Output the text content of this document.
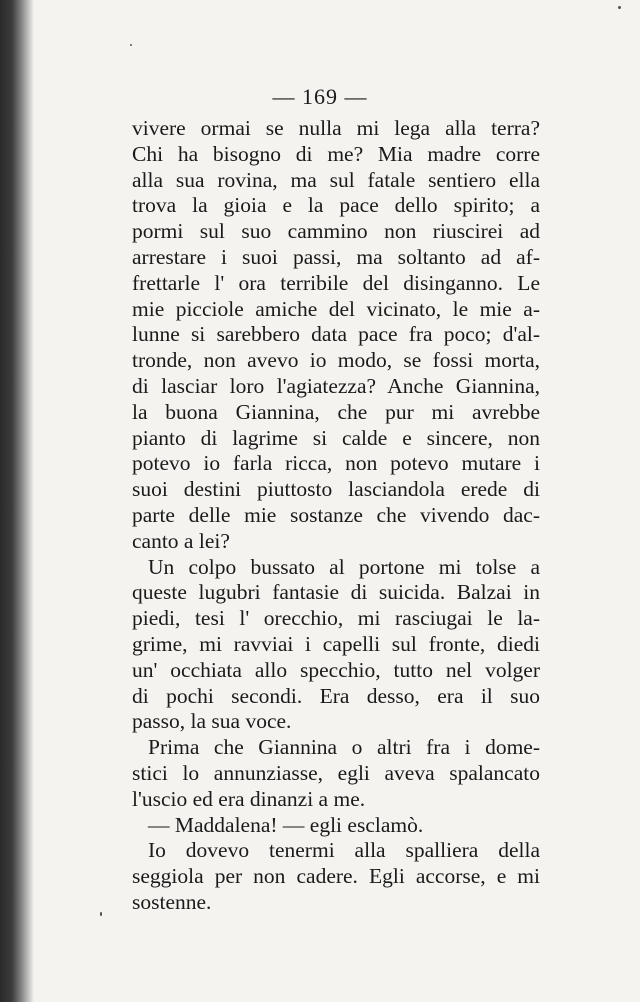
— 169 —
vivere ormai se nulla mi lega alla terra?
Chi ha bisogno di me? Mia madre corre
alla sua rovina, ma sul fatale sentiero ella
trova la gioia e la pace dello spirito; a
pormi sul suo cammino non riuscirei ad
arrestare i suoi passi, ma soltanto ad af-
frettarle l' ora terribile del disinganno. Le
mie picciole amiche del vicinato, le mie a-
lunne si sarebbero data pace fra poco; d'al-
tronde, non avevo io modo, se fossi morta,
di lasciar loro l'agiatezza? Anche Giannina,
la buona Giannina, che pur mi avrebbe
pianto di lagrime si calde e sincere, non
potevo io farla ricca, non potevo mutare i
suoi destini piuttosto lasciandola erede di
parte delle mie sostanze che vivendo dac-
canto a lei?
Un colpo bussato al portone mi tolse a
queste lugubri fantasie di suicida. Balzai in
piedi, tesi l' orecchio, mi rasciugai le la-
grime, mi ravviai i capelli sul fronte, diedi
un' occhiata allo specchio, tutto nel volger
di pochi secondi. Era desso, era il suo
passo, la sua voce.
Prima che Giannina o altri fra i dome-
stici lo annunziasse, egli aveva spalancato
l'uscio ed era dinanzi a me.
— Maddalena! — egli esclamò.
Io dovevo tenermi alla spalliera della
seggiola per non cadere. Egli accorse, e mi
sostenne.
